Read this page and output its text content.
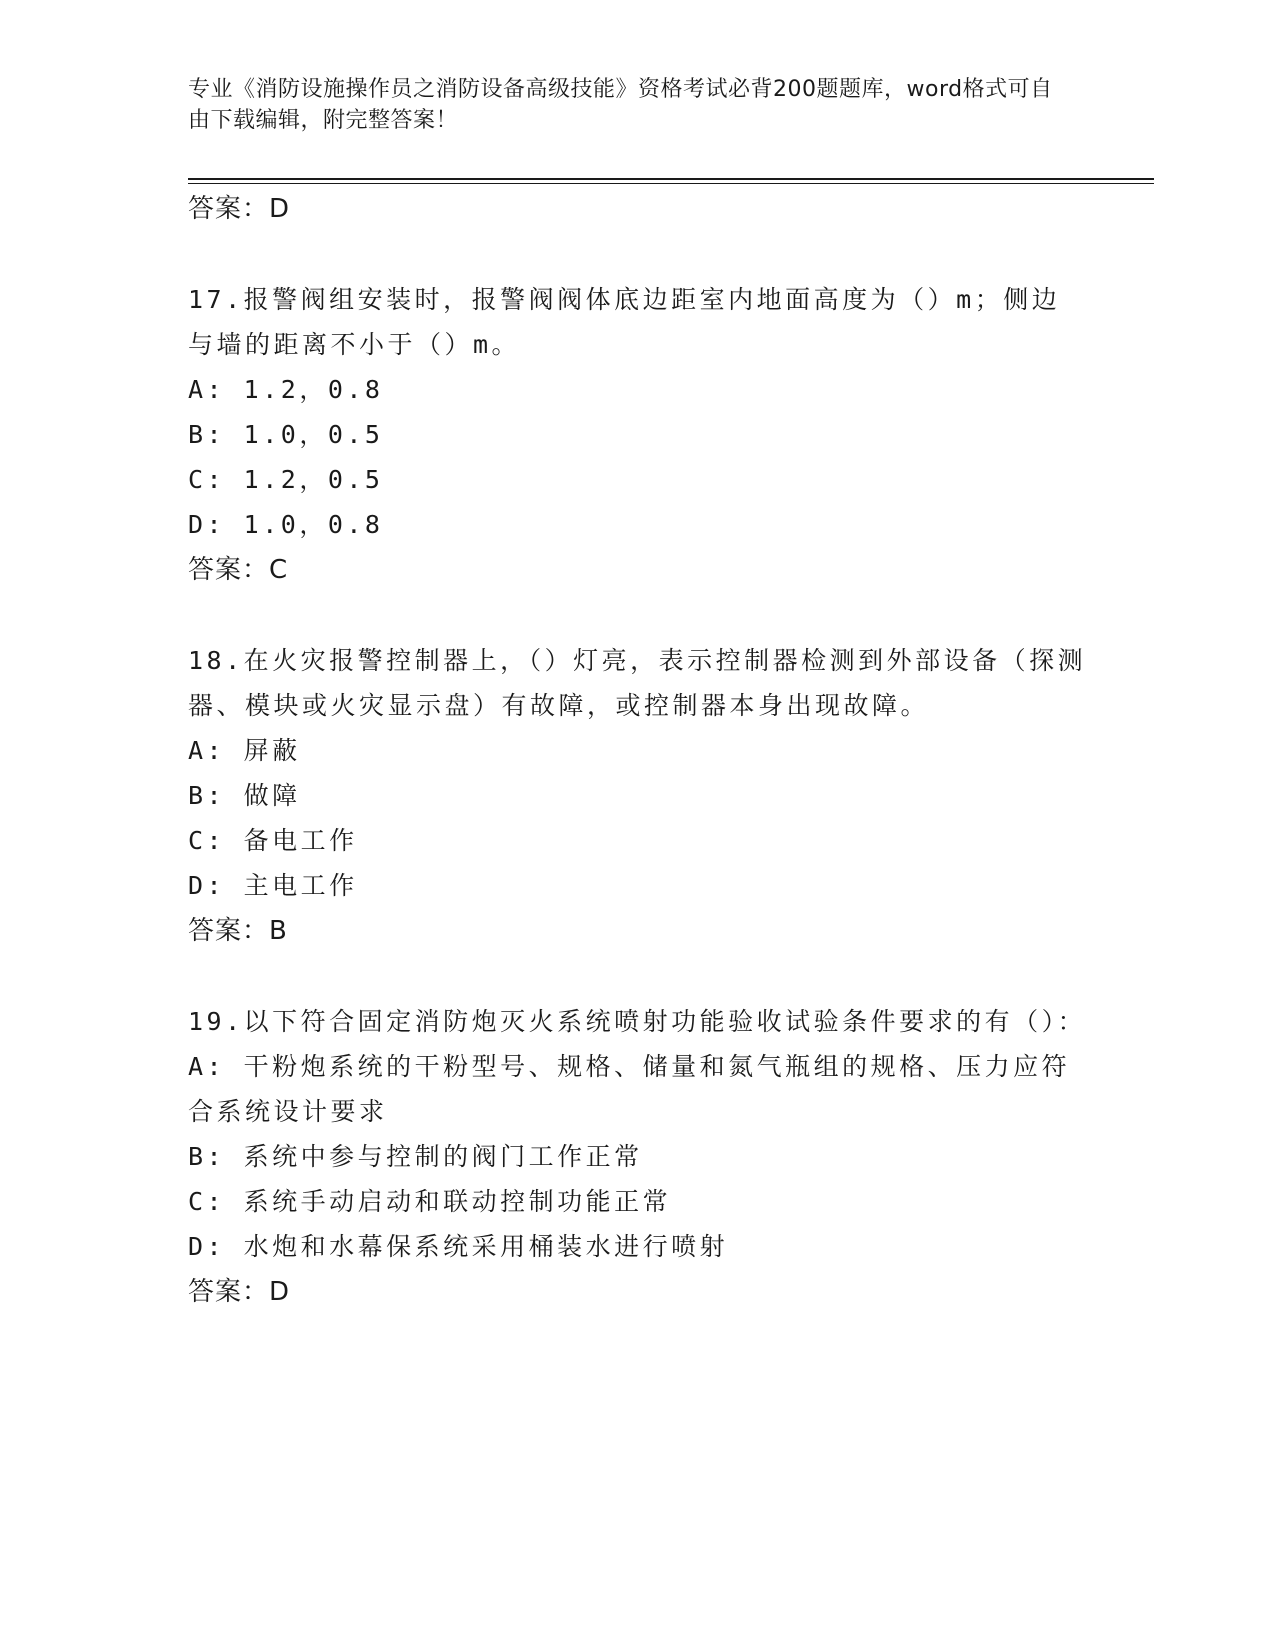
专业《消防设施操作员之消防设备高级技能》资格考试必背200题题库，word格式可自由下载编辑，附完整答案！
答案：D

17.报警阀组安装时，报警阀阀体底边距室内地面高度为（）m；侧边与墙的距离不小于（）m。

A: 1.2，0.8
B: 1.0，0.5
C: 1.2，0.5
D: 1.0，0.8
答案：C

18.在火灾报警控制器上，（）灯亮，表示控制器检测到外部设备（探测器、模块或火灾显示盘）有故障，或控制器本身出现故障。

A: 屏蔽
B: 做障
C: 备电工作
D: 主电工作
答案：B

19.以下符合固定消防炮灭火系统喷射功能验收试验条件要求的有（）：

A: 干粉炮系统的干粉型号、规格、储量和氮气瓶组的规格、压力应符合系统设计要求
B: 系统中参与控制的阀门工作正常
C: 系统手动启动和联动控制功能正常
D: 水炮和水幕保系统采用桶装水进行喷射
答案：D
